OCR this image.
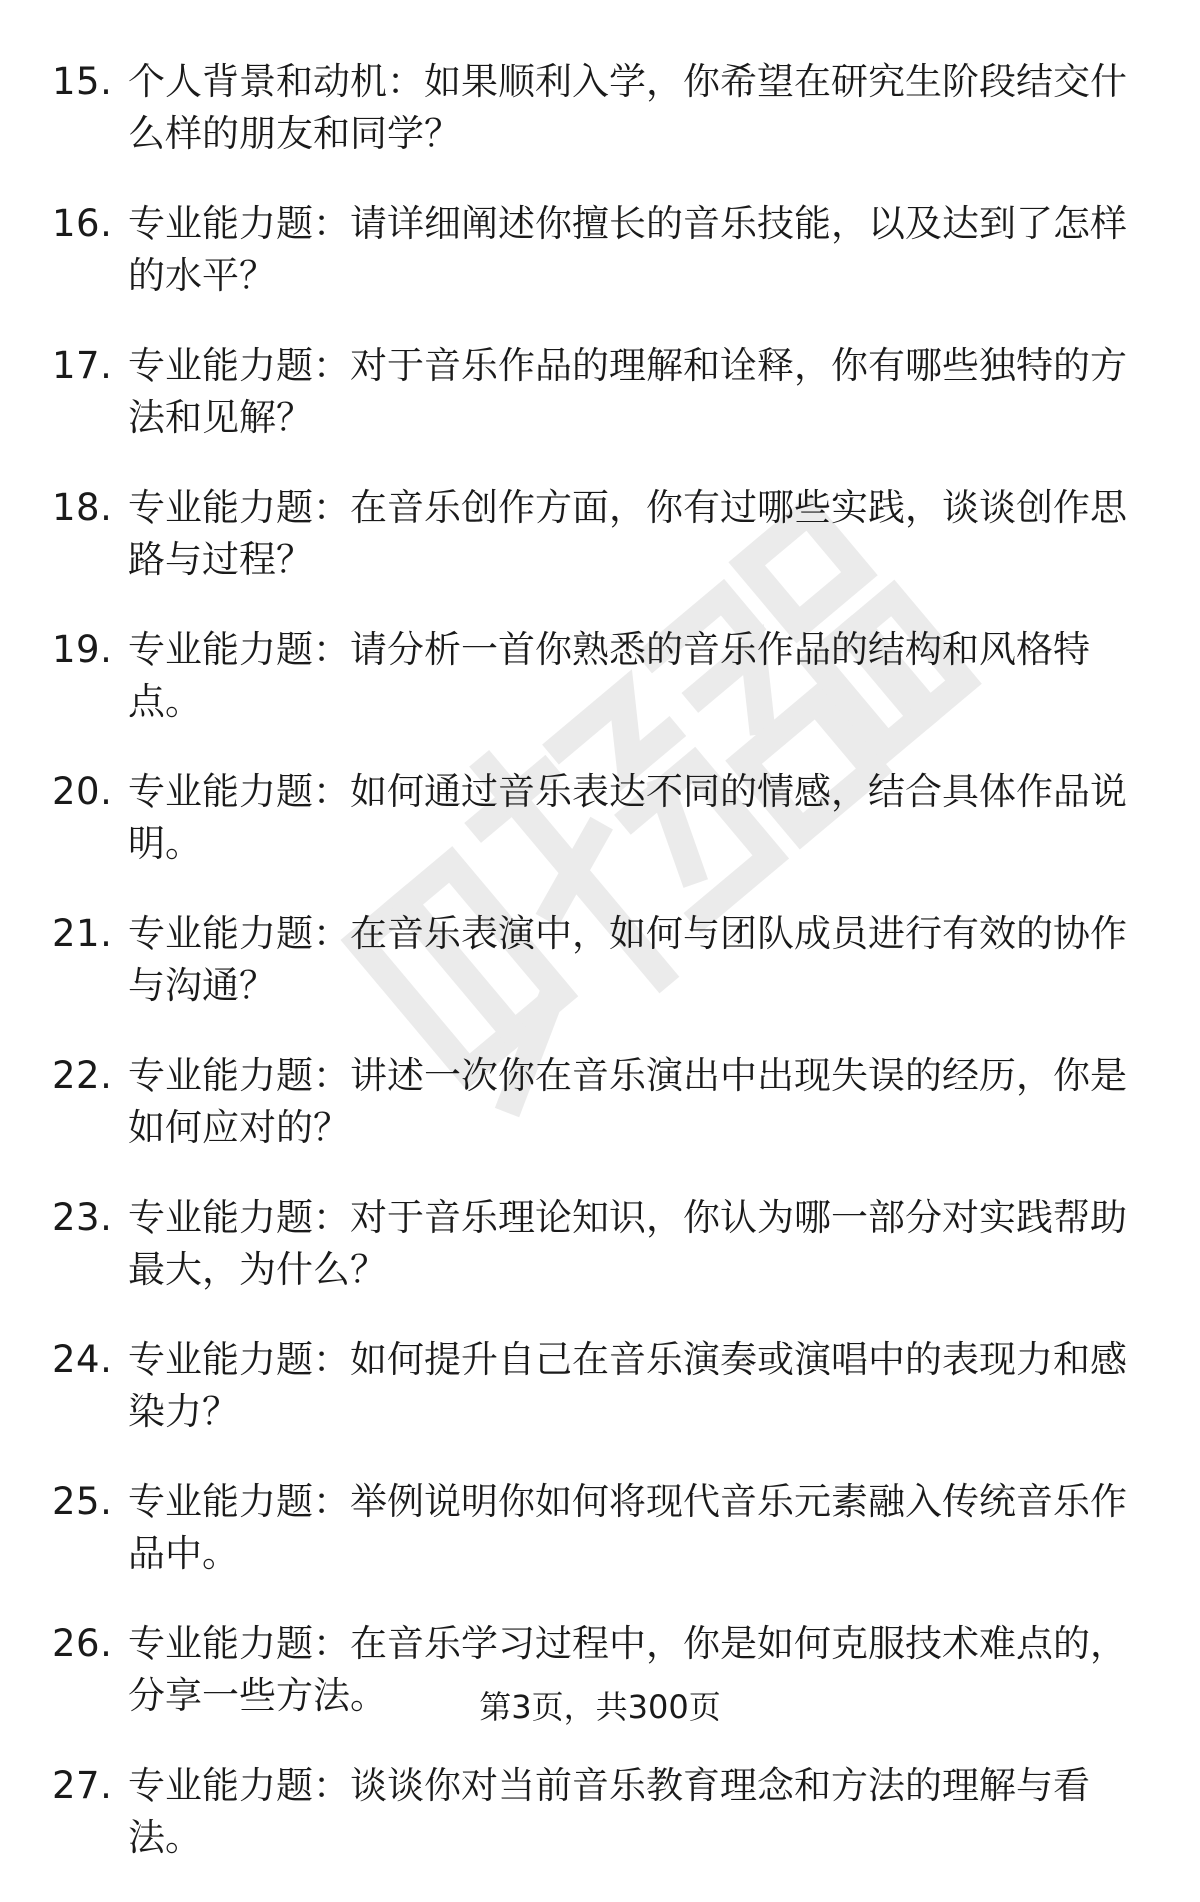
15. 个人背景和动机：如果顺利入学，你希望在研究生阶段结交什么样的朋友和同学？
16. 专业能力题：请详细阐述你擅长的音乐技能，以及达到了怎样的水平？
17. 专业能力题：对于音乐作品的理解和诠释，你有哪些独特的方法和见解？
18. 专业能力题：在音乐创作方面，你有过哪些实践，谈谈创作思路与过程？
19. 专业能力题：请分析一首你熟悉的音乐作品的结构和风格特点。
20. 专业能力题：如何通过音乐表达不同的情感，结合具体作品说明。
21. 专业能力题：在音乐表演中，如何与团队成员进行有效的协作与沟通？
22. 专业能力题：讲述一次你在音乐演出中出现失误的经历，你是如何应对的？
23. 专业能力题：对于音乐理论知识，你认为哪一部分对实践帮助最大，为什么？
24. 专业能力题：如何提升自己在音乐演奏或演唱中的表现力和感染力？
25. 专业能力题：举例说明你如何将现代音乐元素融入传统音乐作品中。
26. 专业能力题：在音乐学习过程中，你是如何克服技术难点的，分享一些方法。
27. 专业能力题：谈谈你对当前音乐教育理念和方法的理解与看法。
第3页，共300页
